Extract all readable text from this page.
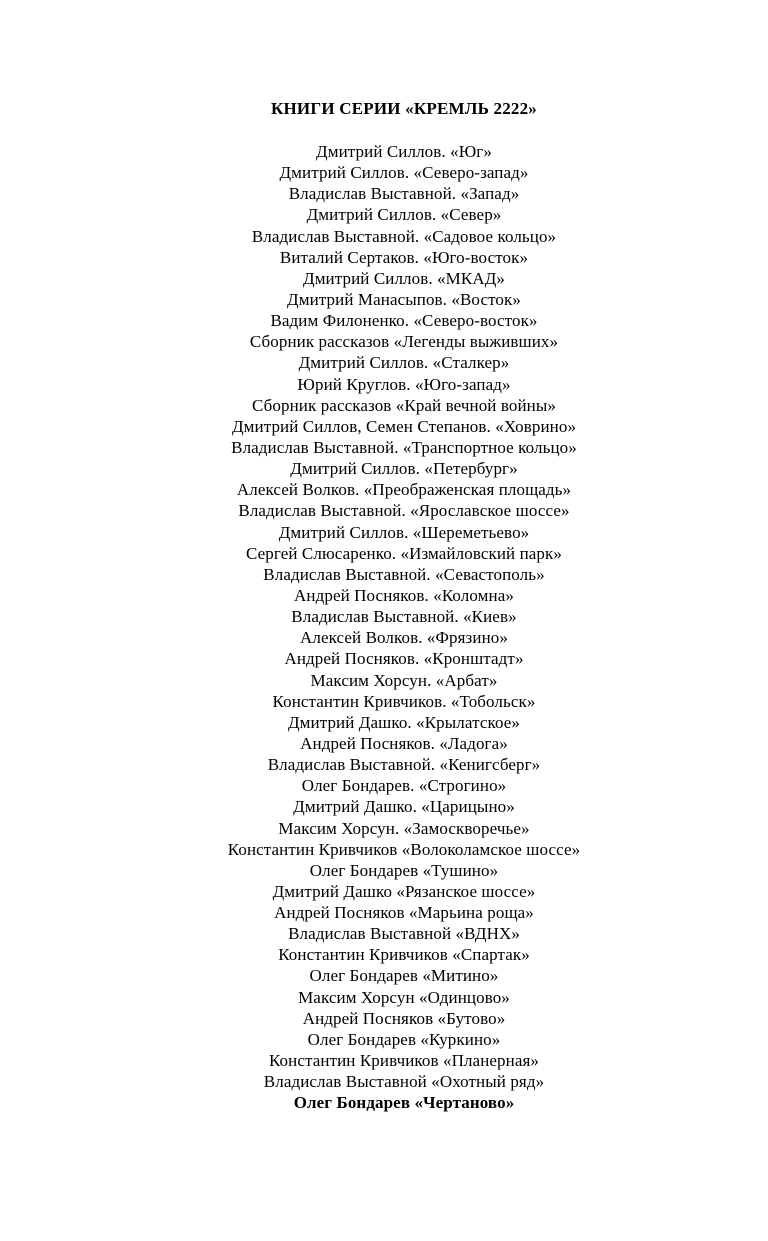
КНИГИ СЕРИИ «КРЕМЛЬ 2222»
Дмитрий Силлов. «Юг»
Дмитрий Силлов. «Северо-запад»
Владислав Выставной. «Запад»
Дмитрий Силлов. «Север»
Владислав Выставной. «Садовое кольцо»
Виталий Сертаков. «Юго-восток»
Дмитрий Силлов. «МКАД»
Дмитрий Манасыпов. «Восток»
Вадим Филоненко. «Северо-восток»
Сборник рассказов «Легенды выживших»
Дмитрий Силлов. «Сталкер»
Юрий Круглов. «Юго-запад»
Сборник рассказов «Край вечной войны»
Дмитрий Силлов, Семен Степанов. «Ховрино»
Владислав Выставной. «Транспортное кольцо»
Дмитрий Силлов. «Петербург»
Алексей Волков. «Преображенская площадь»
Владислав Выставной. «Ярославское шоссе»
Дмитрий Силлов. «Шереметьево»
Сергей Слюсаренко. «Измайловский парк»
Владислав Выставной. «Севастополь»
Андрей Посняков. «Коломна»
Владислав Выставной. «Киев»
Алексей Волков. «Фрязино»
Андрей Посняков. «Кронштадт»
Максим Хорсун. «Арбат»
Константин Кривчиков. «Тобольск»
Дмитрий Дашко. «Крылатское»
Андрей Посняков. «Ладога»
Владислав Выставной. «Кенигсберг»
Олег Бондарев. «Строгино»
Дмитрий Дашко. «Царицыно»
Максим Хорсун. «Замоскворечье»
Константин Кривчиков «Волоколамское шоссе»
Олег Бондарев «Тушино»
Дмитрий Дашко «Рязанское шоссе»
Андрей Посняков «Марьина роща»
Владислав Выставной «ВДНХ»
Константин Кривчиков «Спартак»
Олег Бондарев «Митино»
Максим Хорсун «Одинцово»
Андрей Посняков «Бутово»
Олег Бондарев «Куркино»
Константин Кривчиков «Планерная»
Владислав Выставной «Охотный ряд»
Олег Бондарев «Чертаново»
